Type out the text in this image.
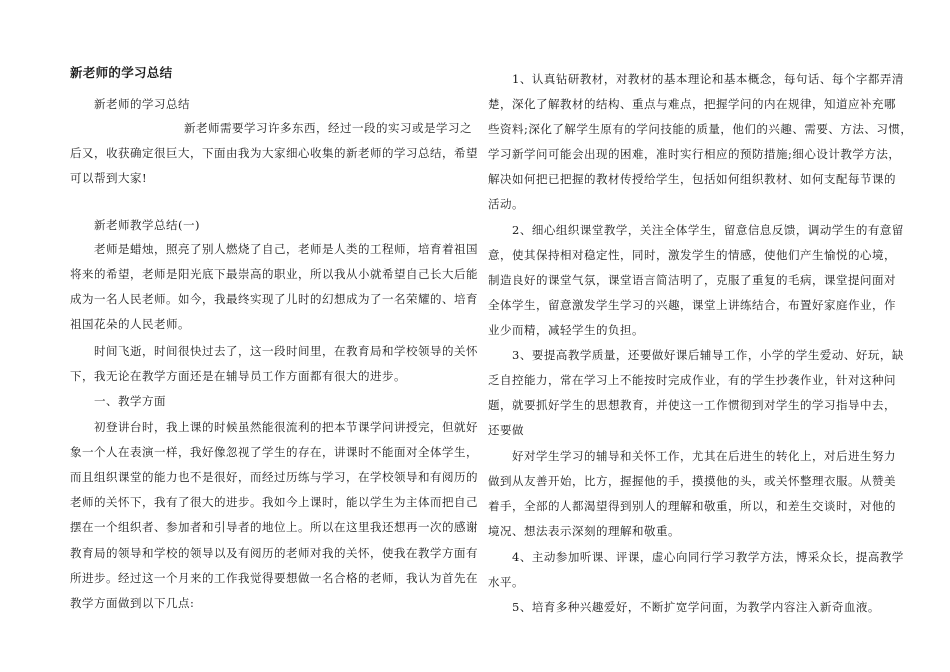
新老师的学习总结

新老师的学习总结

新老师需要学习许多东西，经过一段的实习或是学习之

后又，收获确定很巨大，下面由我为大家细心收集的新老师的学习总结，希望

可以帮到大家!

新老师教学总结(一)

老师是蜡烛，照亮了别人燃烧了自己，老师是人类的工程师，培育着祖国

将来的希望，老师是阳光底下最崇高的职业，所以我从小就希望自己长大后能

成为一名人民老师。如今，我最终实现了儿时的幻想成为了一名荣耀的、培育

祖国花朵的人民老师。

时间飞逝，时间很快过去了，这一段时间里，在教育局和学校领导的关怀

下，我无论在教学方面还是在辅导员工作方面都有很大的进步。

一、教学方面

初登讲台时，我上课的时候虽然能很流利的把本节课学问讲授完，但就好

象一个人在表演一样，我好像忽视了学生的存在，讲课时不能面对全体学生，

而且组织课堂的能力也不是很好，而经过历练与学习，在学校领导和有阅历的

老师的关怀下，我有了很大的进步。我如今上课时，能以学生为主体而把自己

摆在一个组织者、参加者和引导者的地位上。所以在这里我还想再一次的感谢

教育局的领导和学校的领导以及有阅历的老师对我的关怀，使我在教学方面有

所进步。经过这一个月来的工作我觉得要想做一名合格的老师，我认为首先在

教学方面做到以下几点:

1、认真钻研教材，对教材的基本理论和基本概念，每句话、每个字都弄清

楚，深化了解教材的结构、重点与难点，把握学问的内在规律，知道应补充哪

些资料;深化了解学生原有的学问技能的质量，他们的兴趣、需要、方法、习惯，

学习新学问可能会出现的困难，准时实行相应的预防措施;细心设计教学方法，

解决如何把已把握的教材传授给学生，包括如何组织教材、如何支配每节课的

活动。

2、细心组织课堂教学，关注全体学生，留意信息反馈，调动学生的有意留

意，使其保持相对稳定性，同时，激发学生的情感，使他们产生愉悦的心境，

制造良好的课堂气氛，课堂语言简洁明了，克服了重复的毛病，课堂提问面对

全体学生，留意激发学生学习的兴趣，课堂上讲练结合，布置好家庭作业，作

业少而精，减轻学生的负担。

3、要提高教学质量，还要做好课后辅导工作，小学的学生爱动、好玩，缺

乏自控能力，常在学习上不能按时完成作业，有的学生抄袭作业，针对这种问

题，就要抓好学生的思想教育，并使这一工作惯彻到对学生的学习指导中去，

还要做

好对学生学习的辅导和关怀工作，尤其在后进生的转化上，对后进生努力

做到从友善开始，比方，握握他的手，摸摸他的头，或关怀整理衣服。从赞美

着手，全部的人都渴望得到别人的理解和敬重，所以，和差生交谈时，对他的

境况、想法表示深刻的理解和敬重。

4、主动参加听课、评课，虚心向同行学习教学方法，博采众长，提高教学

水平。

5、培育多种兴趣爱好，不断扩宽学问面，为教学内容注入新奇血液。
